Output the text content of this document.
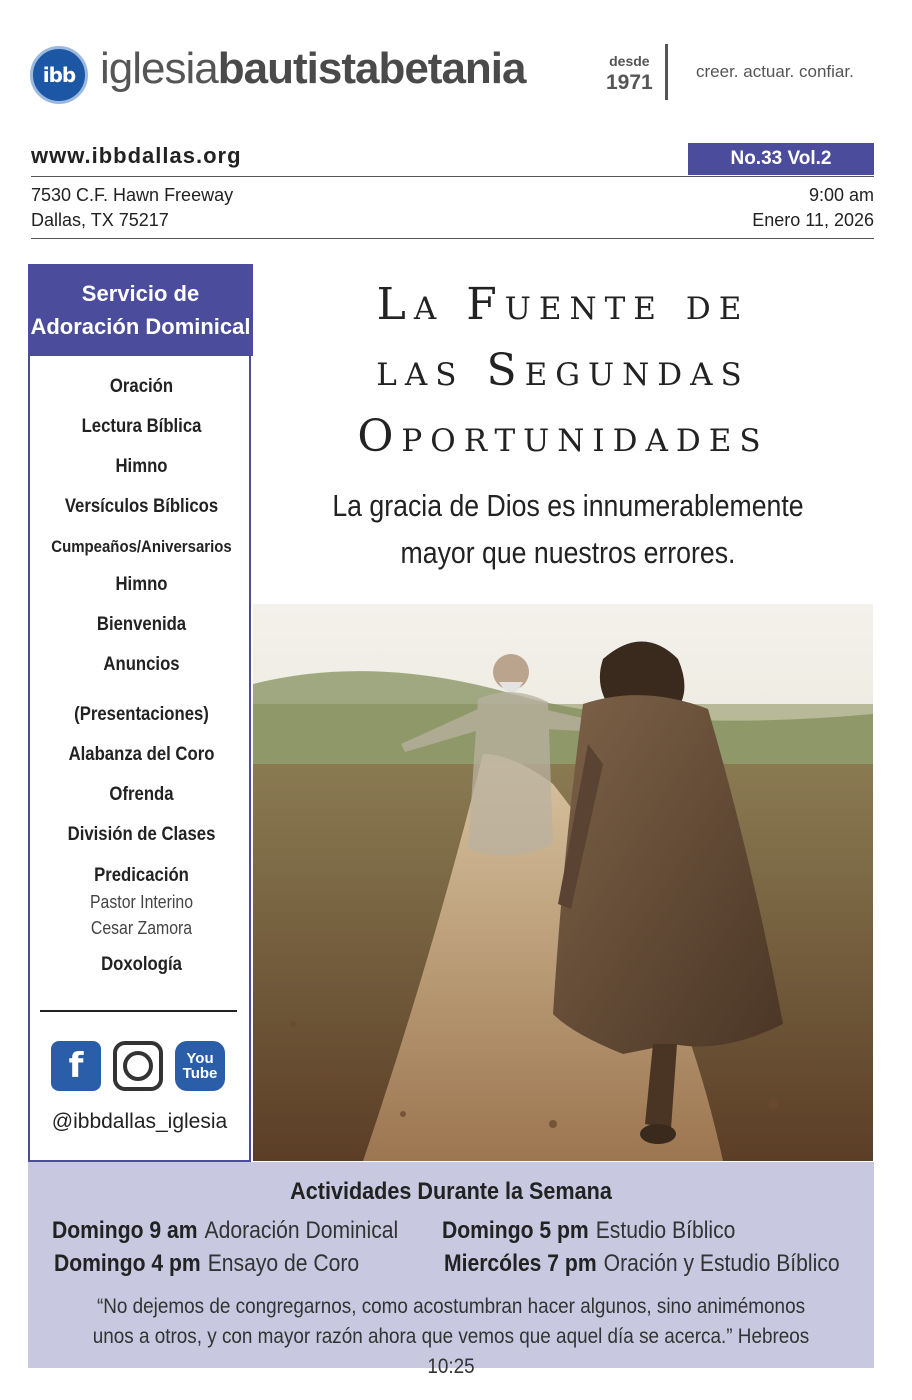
ibb iglesiabautistabetania	desde
1971	creer. actuar. confiar.
www.ibbdallas.org	No.33 Vol.2
7530 C.F. Hawn Freeway
Dallas, TX 75217
9:00 am
Enero 11, 2026
Servicio de
Adoración Dominical
Oración
Lectura Bíblica
Himno
Versículos Bíblicos
Cumpeaños/Aniversarios
Himno
Bienvenida
Anuncios
(Presentaciones)
Alabanza del Coro
Ofrenda
División de Clases
Predicación
Pastor Interino
Cesar Zamora
Doxología
f	You
Tube
@ibbdallas_iglesia
La Fuente de
las Segundas
Oportunidades
La gracia de Dios es innumerablemente
mayor que nuestros errores.
Actividades Durante la Semana
Domingo 9 am Adoración Dominical Domingo 5 pm Estudio Bíblico
Domingo 4 pm Ensayo de Coro	Miercóles 7 pm Oración y Estudio Bíblico
“No dejemos de congregarnos, como acostumbran hacer algunos, sino animémonos
unos a otros, y con mayor razón ahora que vemos que aquel día se acerca.” Hebreos 10:25
